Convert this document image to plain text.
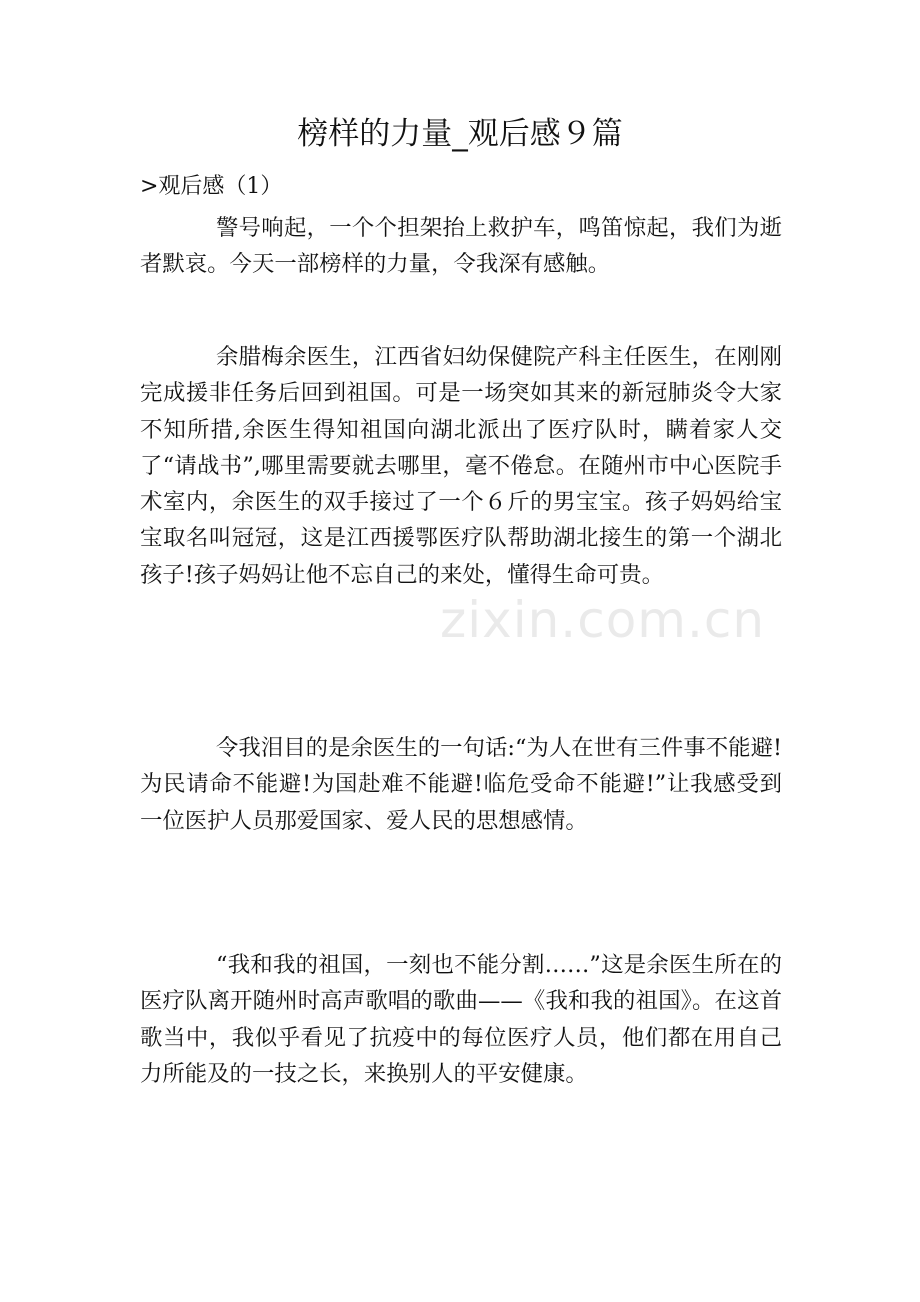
榜样的力量_观后感９篇
>观后感（1）

警号响起，一个个担架抬上救护车，鸣笛惊起，我们为逝者默哀。今天一部榜样的力量，令我深有感触。

余腊梅余医生，江西省妇幼保健院产科主任医生，在刚刚完成援非任务后回到祖国。可是一场突如其来的新冠肺炎令大家不知所措,余医生得知祖国向湖北派出了医疗队时，瞒着家人交了“请战书”,哪里需要就去哪里，毫不倦怠。在随州市中心医院手术室内，余医生的双手接过了一个６斤的男宝宝。孩子妈妈给宝宝取名叫冠冠，这是江西援鄂医疗队帮助湖北接生的第一个湖北孩子!孩子妈妈让他不忘自己的来处，懂得生命可贵。

令我泪目的是余医生的一句话:“为人在世有三件事不能避!为民请命不能避!为国赴难不能避!临危受命不能避!”让我感受到一位医护人员那爱国家、爱人民的思想感情。

“我和我的祖国，一刻也不能分割……”这是余医生所在的医疗队离开随州时高声歌唱的歌曲——《我和我的祖国》。在这首歌当中，我似乎看见了抗疫中的每位医疗人员，他们都在用自己力所能及的一技之长，来换别人的平安健康。

zixin.com.cn
